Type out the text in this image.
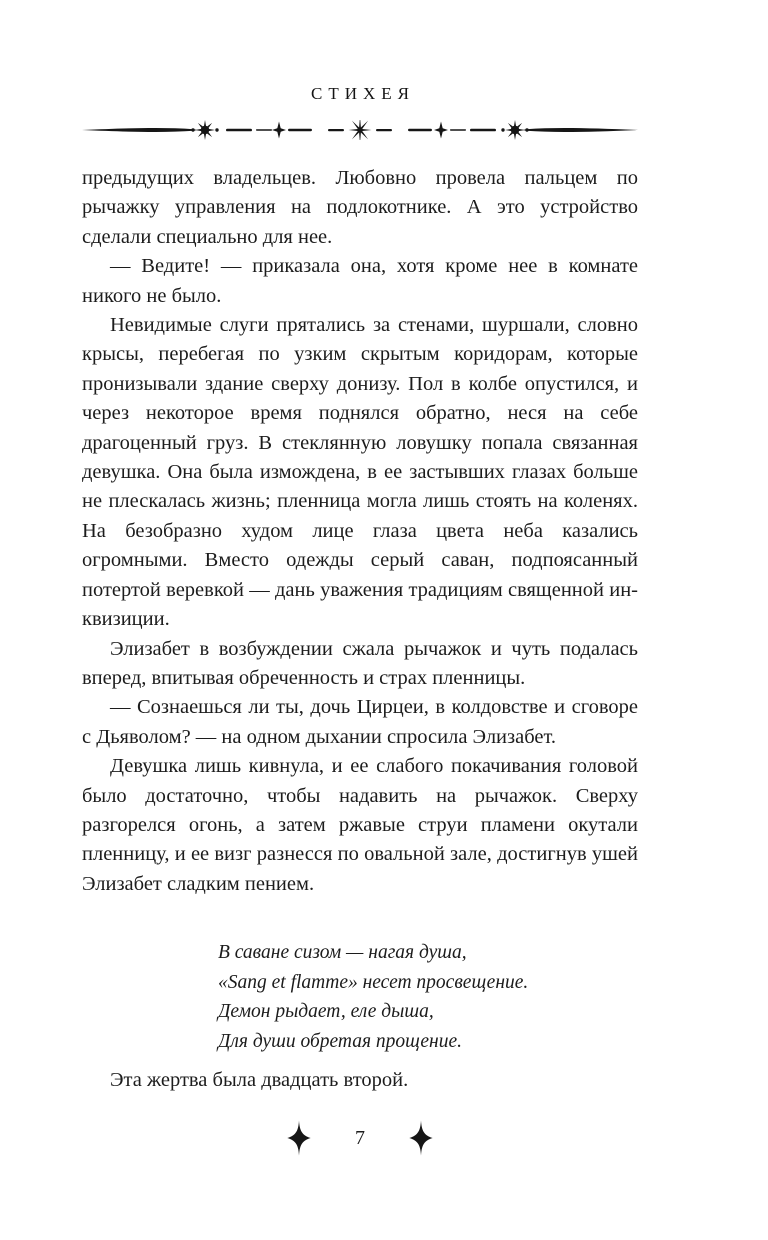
СТИХЕЯ

предыдущих владельцев. Любовно провела пальцем по рычажку управления на подлокотнике. А это устройство сделали специально для нее.

— Ведите! — приказала она, хотя кроме нее в комнате никого не было.

Невидимые слуги прятались за стенами, шуршали, словно крысы, перебегая по узким скрытым коридорам, которые пронизывали здание сверху донизу. Пол в колбе опустился, и через некоторое время поднялся обратно, неся на себе драгоценный груз. В стеклянную ловушку попала связанная девушка. Она была измождена, в ее застывших глазах больше не плескалась жизнь; пленница могла лишь стоять на коленях. На безобразно худом лице глаза цвета неба казались огромными. Вместо одежды серый саван, подпоясанный потертой веревкой — дань уважения традициям священной инквизиции.

Элизабет в возбуждении сжала рычажок и чуть подалась вперед, впитывая обреченность и страх пленницы.

— Сознаешься ли ты, дочь Цирцеи, в колдовстве и сговоре с Дьяволом? — на одном дыхании спросила Элизабет.

Девушка лишь кивнула, и ее слабого покачивания головой было достаточно, чтобы надавить на рычажок. Сверху разгорелся огонь, а затем ржавые струи пламени окутали пленницу, и ее визг разнесся по овальной зале, достигнув ушей Элизабет сладким пением.

В саване сизом — нагая душа,
«Sang et flamme» несет просвещение.
Демон рыдает, еле дыша,
Для души обретая прощение.

Эта жертва была двадцать второй.

7
